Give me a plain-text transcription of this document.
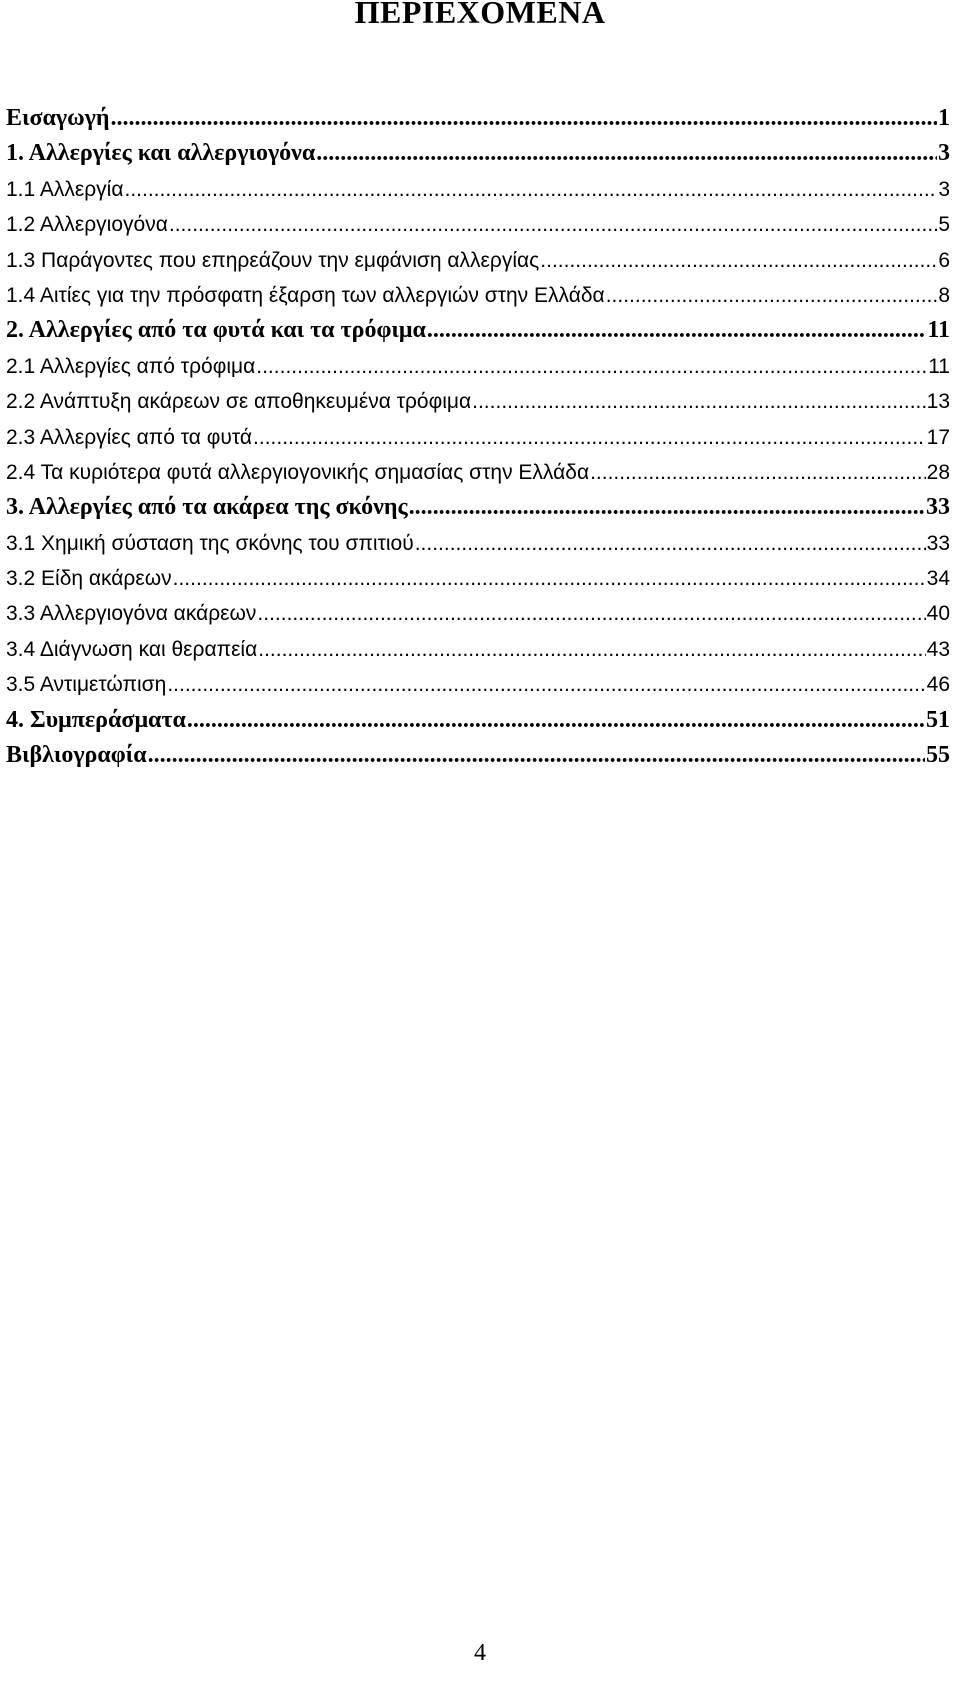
ΠΕΡΙΕΧΟΜΕΝΑ
Εισαγωγή .....	1
1. Αλλεργίες και αλλεργιογόνα .....	3
1.1 Αλλεργία .....	3
1.2 Αλλεργιογόνα .....	5
1.3 Παράγοντες που επηρεάζουν την εμφάνιση αλλεργίας .....	6
1.4 Αιτίες για την πρόσφατη έξαρση των αλλεργιών στην Ελλάδα .....	8
2. Αλλεργίες από τα φυτά και τα τρόφιμα .....	11
2.1 Αλλεργίες από τρόφιμα .....	11
2.2 Ανάπτυξη ακάρεων σε αποθηκευμένα τρόφιμα .....	13
2.3 Αλλεργίες από τα φυτά .....	17
2.4 Τα κυριότερα φυτά αλλεργιογονικής σημασίας στην Ελλάδα .....	28
3. Αλλεργίες από τα ακάρεα της σκόνης .....	33
3.1 Χημική σύσταση της σκόνης του σπιτιού .....	33
3.2 Είδη ακάρεων .....	34
3.3 Αλλεργιογόνα ακάρεων .....	40
3.4 Διάγνωση και θεραπεία .....	43
3.5 Αντιμετώπιση .....	46
4. Συμπεράσματα .....	51
Βιβλιογραφία .....	55
4
